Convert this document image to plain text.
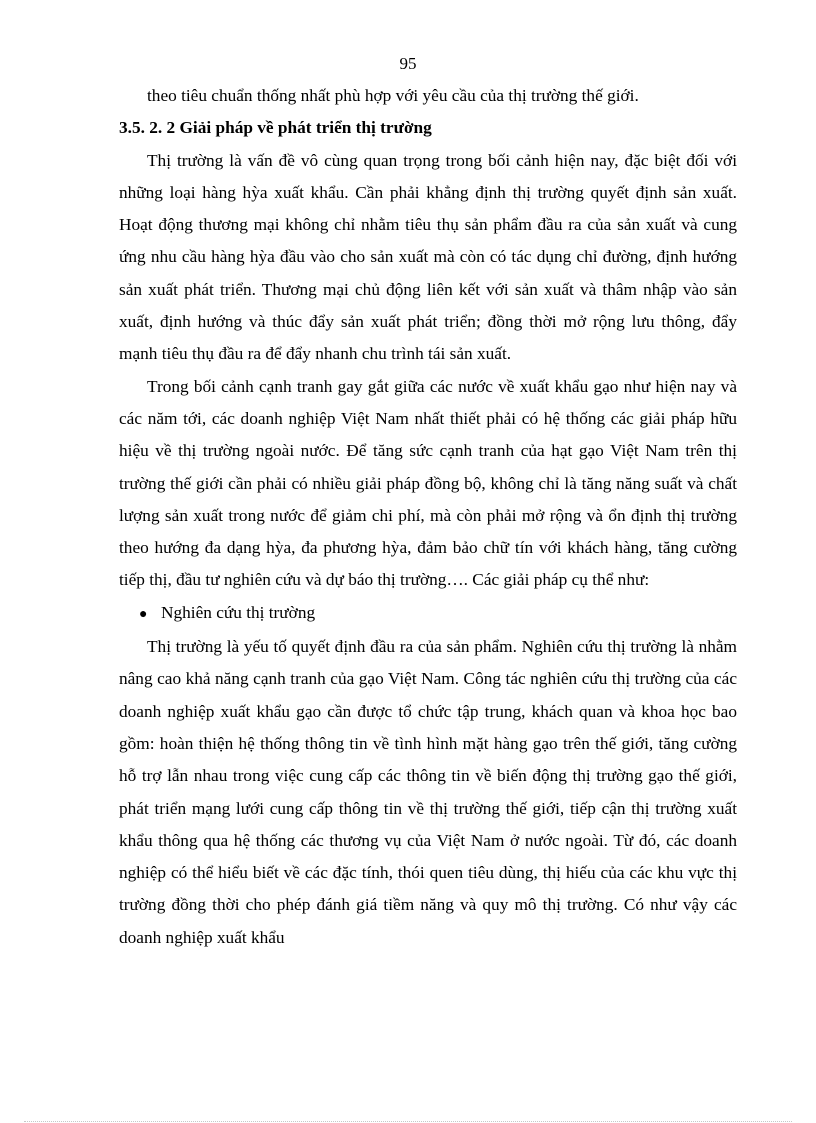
95

theo tiêu chuẩn thống nhất phù hợp với yêu cầu của thị trường thế giới.

3.5. 2. 2 Giải pháp về phát triển thị trường

Thị trường là vấn đề vô cùng quan trọng trong bối cảnh hiện nay, đặc biệt đối với những loại hàng hỳa xuất khẩu. Cần phải khẳng định thị trường quyết định sản xuất. Hoạt động thương mại không chỉ nhằm tiêu thụ sản phẩm đầu ra của sản xuất và cung ứng nhu cầu hàng hỳa đầu vào cho sản xuất mà còn có tác dụng chỉ đường, định hướng sản xuất phát triển. Thương mại chủ động liên kết với sản xuất và thâm nhập vào sản xuất, định hướng và thúc đẩy sản xuất phát triển; đồng thời mở rộng lưu thông, đẩy mạnh tiêu thụ đầu ra để đẩy nhanh chu trình tái sản xuất.

Trong bối cảnh cạnh tranh gay gắt giữa các nước về xuất khẩu gạo như hiện nay và các năm tới, các doanh nghiệp Việt Nam nhất thiết phải có hệ thống các giải pháp hữu hiệu về thị trường ngoài nước. Để tăng sức cạnh tranh của hạt gạo Việt Nam trên thị trường thế giới cần phải có nhiều giải pháp đồng bộ, không chỉ là tăng năng suất và chất lượng sản xuất trong nước để giảm chi phí, mà còn phải mở rộng và ổn định thị trường theo hướng đa dạng hỳa, đa phương hỳa, đảm bảo chữ tín với khách hàng, tăng cường tiếp thị, đầu tư nghiên cứu và dự báo thị trường…. Các giải pháp cụ thể như:

● Nghiên cứu thị trường

Thị trường là yếu tố quyết định đầu ra của sản phẩm. Nghiên cứu thị trường là nhằm nâng cao khả năng cạnh tranh của gạo Việt Nam. Công tác nghiên cứu thị trường của các doanh nghiệp xuất khẩu gạo cần được tổ chức tập trung, khách quan và khoa học bao gồm: hoàn thiện hệ thống thông tin về tình hình mặt hàng gạo trên thế giới, tăng cường hỗ trợ lẫn nhau trong việc cung cấp các thông tin về biến động thị trường gạo thế giới, phát triển mạng lưới cung cấp thông tin về thị trường thế giới, tiếp cận thị trường xuất khẩu thông qua hệ thống các thương vụ của Việt Nam ở nước ngoài. Từ đó, các doanh nghiệp có thể hiểu biết về các đặc tính, thói quen tiêu dùng, thị hiếu của các khu vực thị trường đồng thời cho phép đánh giá tiềm năng và quy mô thị trường. Có như vậy các doanh nghiệp xuất khẩu
